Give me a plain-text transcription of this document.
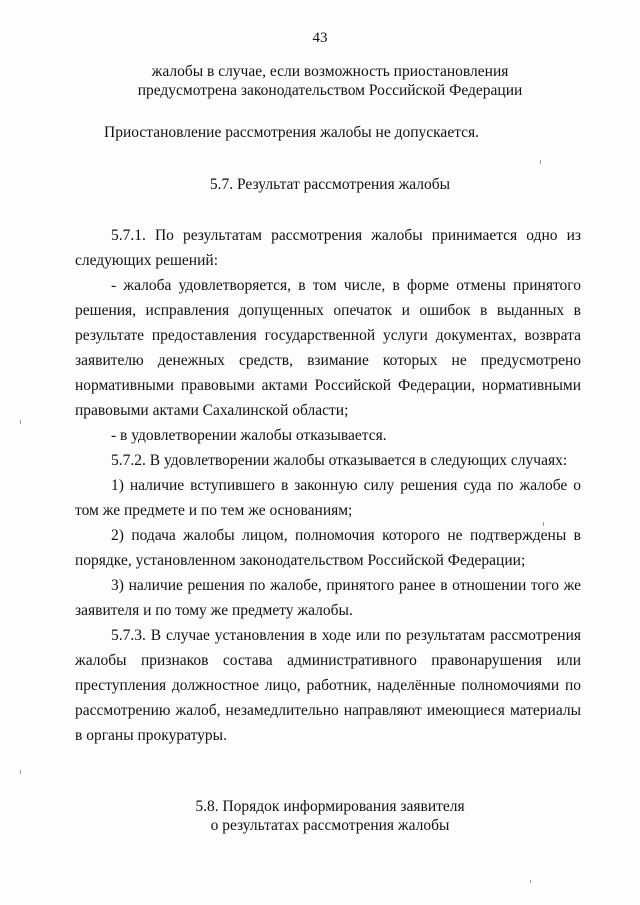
43
жалобы в случае, если возможность приостановления
предусмотрена законодательством Российской Федерации

Приостановление рассмотрения жалобы не допускается.

5.7. Результат рассмотрения жалобы

5.7.1. По результатам рассмотрения жалобы принимается одно из следующих решений:

- жалоба удовлетворяется, в том числе, в форме отмены принятого решения, исправления допущенных опечаток и ошибок в выданных в результате предоставления государственной услуги документах, возврата заявителю денежных средств, взимание которых не предусмотрено нормативными правовыми актами Российской Федерации, нормативными правовыми актами Сахалинской области;

- в удовлетворении жалобы отказывается.

5.7.2. В удовлетворении жалобы отказывается в следующих случаях:

1) наличие вступившего в законную силу решения суда по жалобе о том же предмете и по тем же основаниям;

2) подача жалобы лицом, полномочия которого не подтверждены в порядке, установленном законодательством Российской Федерации;

3) наличие решения по жалобе, принятого ранее в отношении того же заявителя и по тому же предмету жалобы.

5.7.3. В случае установления в ходе или по результатам рассмотрения жалобы признаков состава административного правонарушения или преступления должностное лицо, работник, наделённые полномочиями по рассмотрению жалоб, незамедлительно направляют имеющиеся материалы в органы прокуратуры.

5.8. Порядок информирования заявителя
о результатах рассмотрения жалобы
